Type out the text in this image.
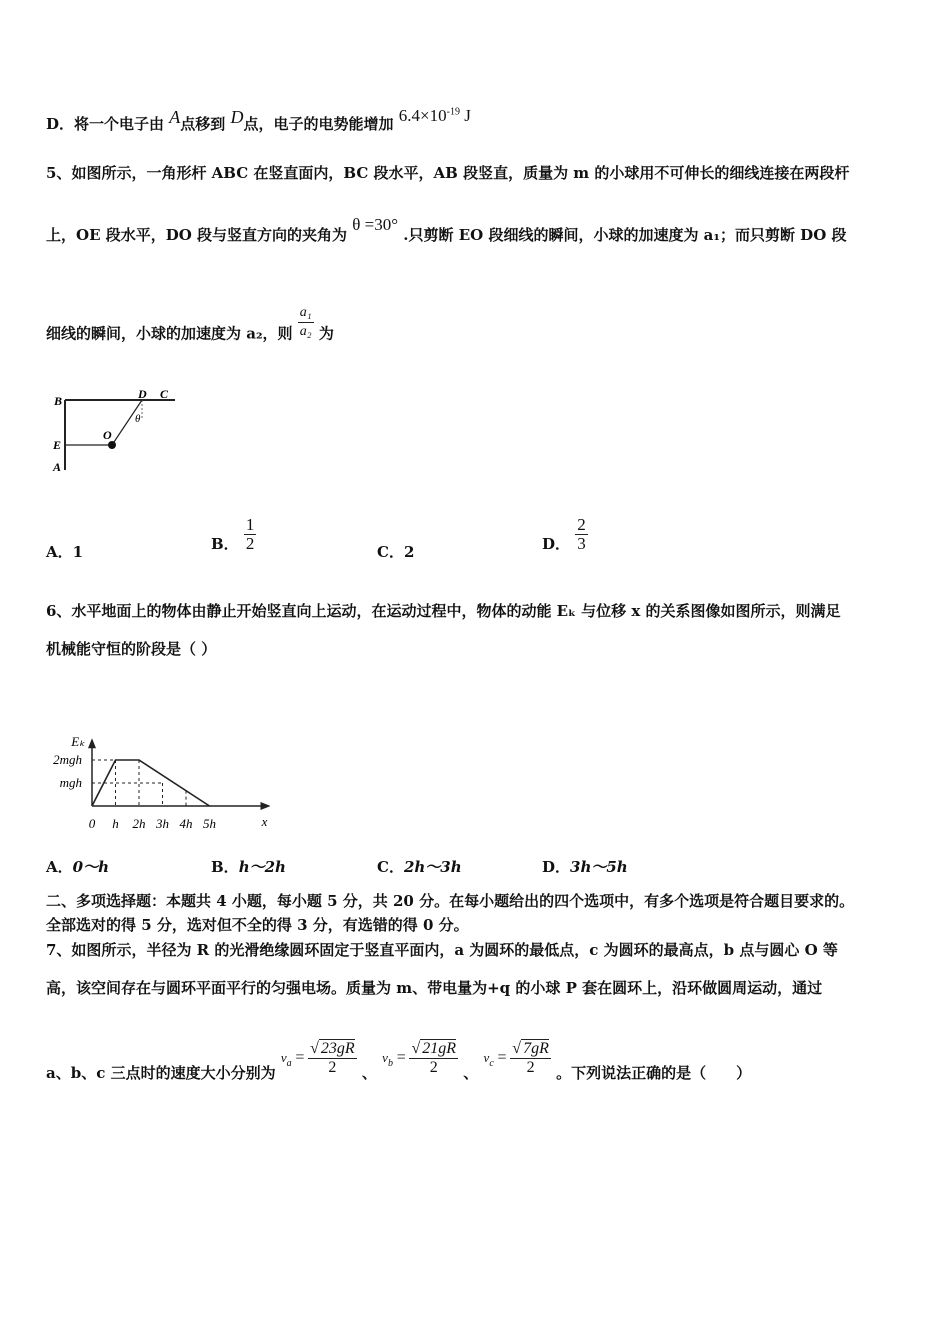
D．将一个电子由 A点移到 D点，电子的电势能增加 $6.4\times 10^{-19}$ J
5、如图所示，一角形杆 ABC 在竖直面内，BC 段水平，AB 段竖直，质量为 m 的小球用不可伸长的细线连接在两段杆
上，OE 段水平，DO 段与竖直方向的夹角为 θ =30° .只剪断 EO 段细线的瞬间，小球的加速度为 a₁；而只剪断 DO 段
细线的瞬间，小球的加速度为 a₂，则 $\frac{\text{a₁}}{\text{a₂}}$ 为
B	D C
E
O
A
θ
A．1	B． $\frac{1}{2}$	C．2	D． $\frac{2}{3}$
6、水平地面上的物体由静止开始竖直向上运动，在运动过程中，物体的动能 Eₖ 与位移 x 的关系图像如图所示，则满足
机械能守恒的阶段是（ ）
0 h 2h 3h 4h 5h
mgh
2mgh
x
Eₖ
A．0～h	B．h～2h	C．2h～3h	D．3h～5h
二、多项选择题：本题共 4 小题，每小题 5 分，共 20 分。在每小题给出的四个选项中，有多个选项是符合题目要求的。
全部选对的得 5 分，选对但不全的得 3 分，有选错的得 0 分。
7、如图所示，半径为 R 的光滑绝缘圆环固定于竖直平面内，a 为圆环的最低点，c 为圆环的最高点，b 点与圆心 O 等
高，该空间存在与圆环平面平行的匀强电场。质量为 m、带电量为+q 的小球 P 套在圆环上，沿环做圆周运动，通过
a、b、c 三点时的速度大小分别为 $v_a = \frac{√ 23gR}{2}$ 、 $v_b = \frac{√ 21gR}{2}$ 、 $v_c = \frac{√ 7gR}{2}$ 。下列说法正确的是（　　）
